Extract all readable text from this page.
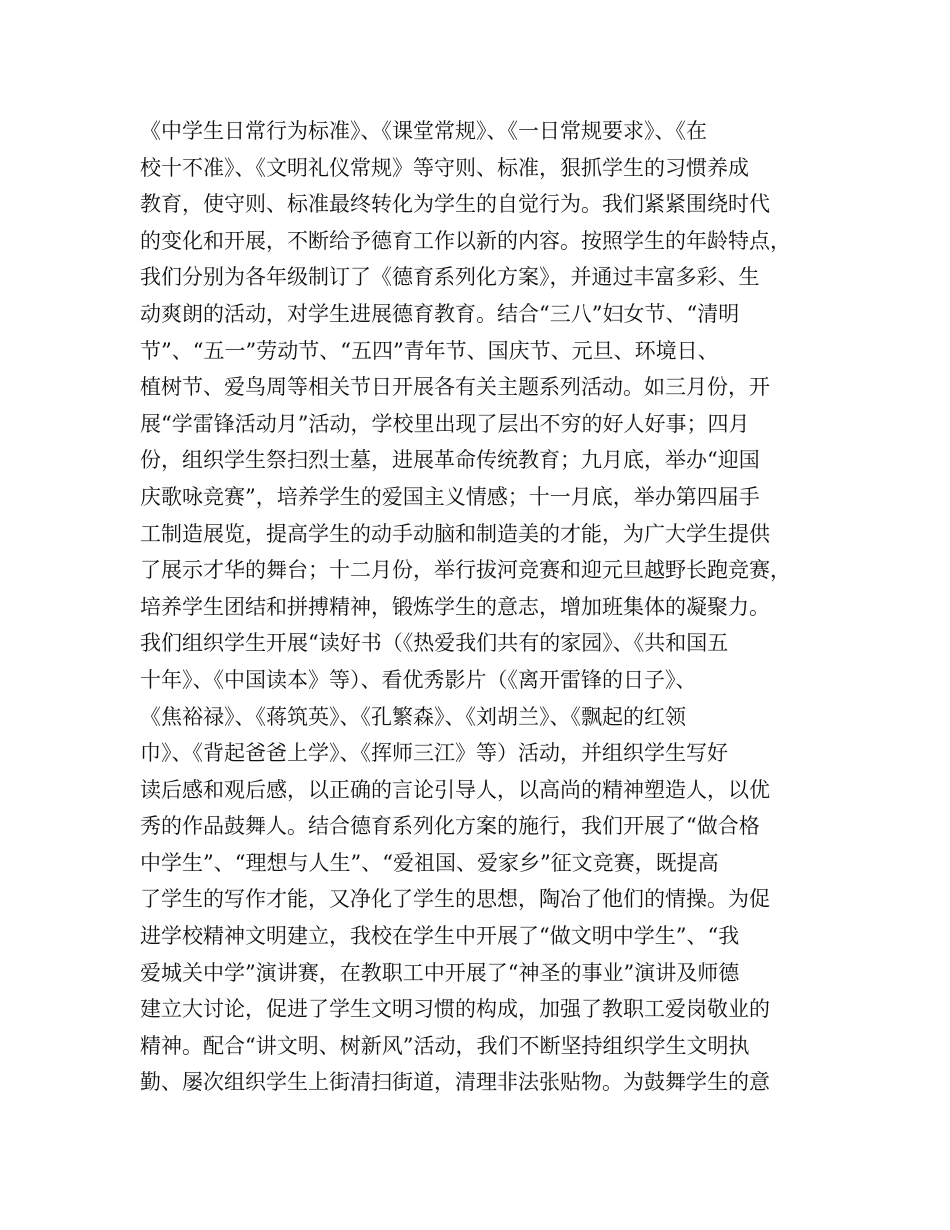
《中学生日常行为标准》、《课堂常规》、《一日常规要求》、《在
校十不准》、《文明礼仪常规》等守则、标准，狠抓学生的习惯养成
教育，使守则、标准最终转化为学生的自觉行为。我们紧紧围绕时代
的变化和开展，不断给予德育工作以新的内容。按照学生的年龄特点，
我们分别为各年级制订了《德育系列化方案》，并通过丰富多彩、生
动爽朗的活动，对学生进展德育教育。结合“三八”妇女节、“清明
节”、“五一”劳动节、“五四”青年节、国庆节、元旦、环境日、
植树节、爱鸟周等相关节日开展各有关主题系列活动。如三月份，开
展“学雷锋活动月”活动，学校里出现了层出不穷的好人好事；四月
份，组织学生祭扫烈士墓，进展革命传统教育；九月底，举办“迎国
庆歌咏竞赛”，培养学生的爱国主义情感；十一月底，举办第四届手
工制造展览，提高学生的动手动脑和制造美的才能，为广大学生提供
了展示才华的舞台；十二月份，举行拔河竞赛和迎元旦越野长跑竞赛，
培养学生团结和拼搏精神，锻炼学生的意志，增加班集体的凝聚力。
我们组织学生开展“读好书（《热爱我们共有的家园》、《共和国五
十年》、《中国读本》等）、看优秀影片（《离开雷锋的日子》、
《焦裕禄》、《蒋筑英》、《孔繁森》、《刘胡兰》、《飘起的红领
巾》、《背起爸爸上学》、《挥师三江》等）活动，并组织学生写好
读后感和观后感，以正确的言论引导人，以高尚的精神塑造人，以优
秀的作品鼓舞人。结合德育系列化方案的施行，我们开展了“做合格
中学生”、“理想与人生”、“爱祖国、爱家乡”征文竞赛，既提高
了学生的写作才能，又净化了学生的思想，陶冶了他们的情操。为促
进学校精神文明建立，我校在学生中开展了“做文明中学生”、“我
爱城关中学”演讲赛，在教职工中开展了“神圣的事业”演讲及师德
建立大讨论，促进了学生文明习惯的构成，加强了教职工爱岗敬业的
精神。配合“讲文明、树新风”活动，我们不断坚持组织学生文明执
勤、屡次组织学生上街清扫街道，清理非法张贴物。为鼓舞学生的意
